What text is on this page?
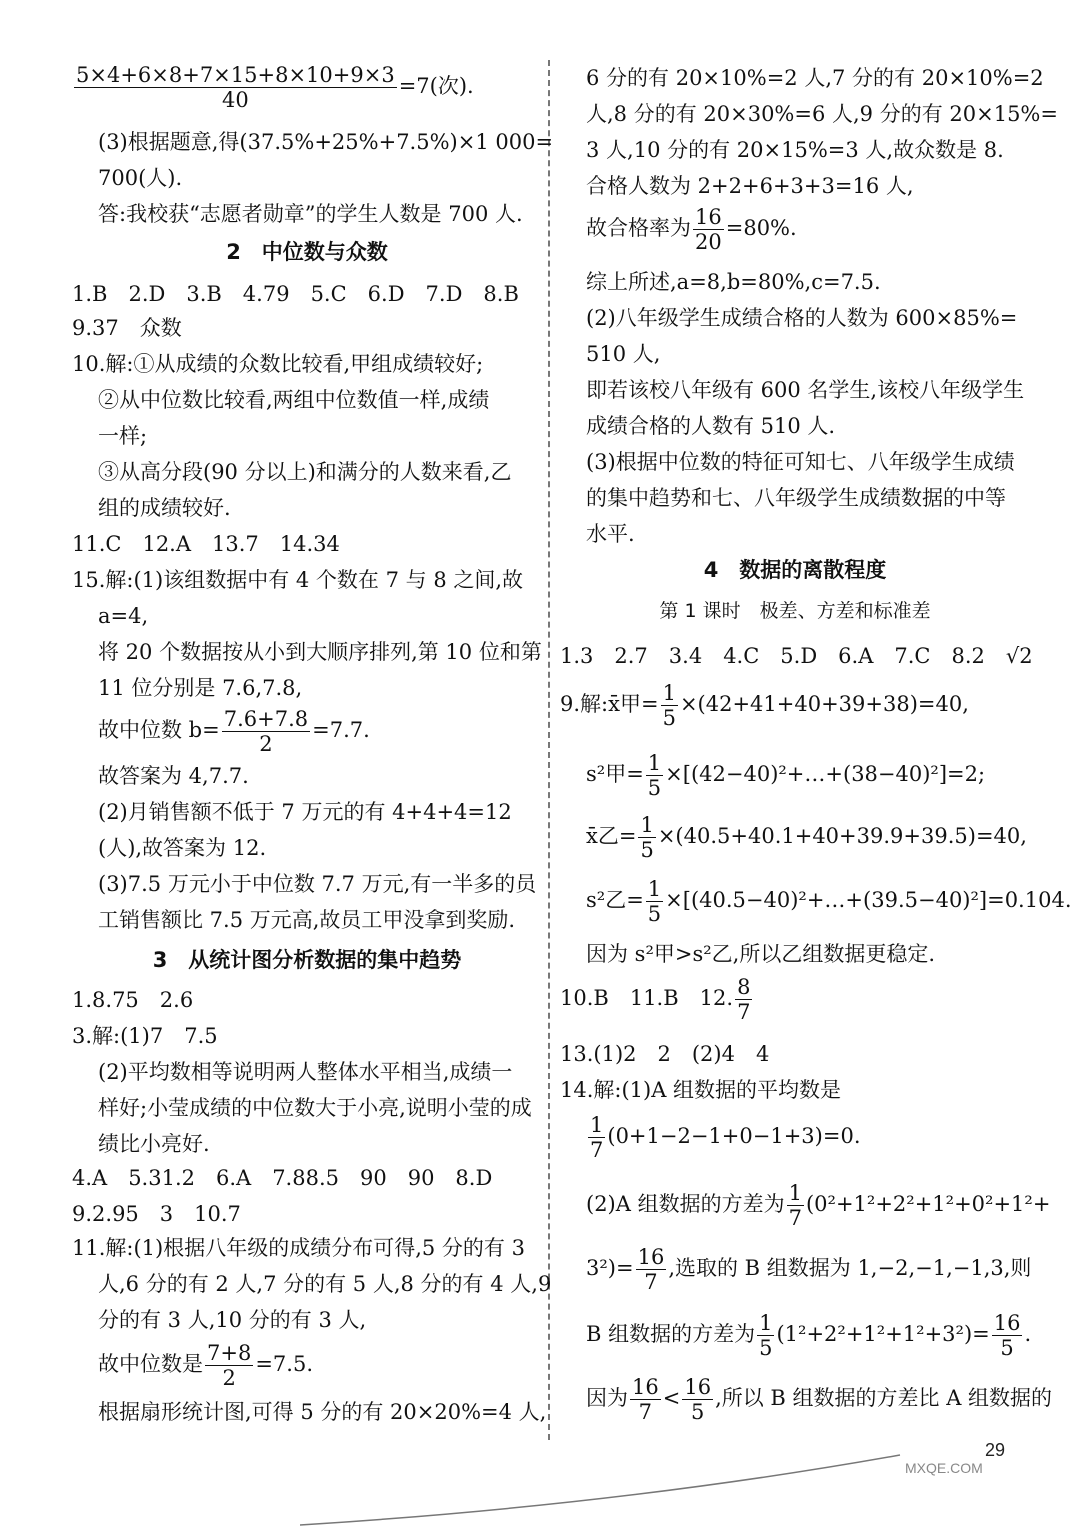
$\frac{5\times 4+6\times 8+7\times 15+8\times 10+9\times 3}{40} =7$(次).
(3)根据题意,得(37.5%+25%+7.5%)×1 000=
700(人).
答:我校获“志愿者勋章”的学生人数是 700 人.
2　中位数与众数
1.B　2.D　3.B　4.79　5.C　6.D　7.D　8.B
9.37　众数
10.解:①从成绩的众数比较看,甲组成绩较好;
②从中位数比较看,两组中位数值一样,成绩
一样;
③从高分段(90 分以上)和满分的人数来看,乙
组的成绩较好.
11.C　12.A　13.7　14.34
15.解:(1)该组数据中有 4 个数在 7 与 8 之间,故
a=4,
将 20 个数据按从小到大顺序排列,第 10 位和第
11 位分别是 7.6,7.8,
故中位数 $b= \frac{7.6+7.8}{2} =7.7$.
故答案为 4,7.7.
(2)月销售额不低于 7 万元的有 4+4+4=12
(人),故答案为 12.
(3)7.5 万元小于中位数 7.7 万元,有一半多的员
工销售额比 7.5 万元高,故员工甲没拿到奖励.
3　从统计图分析数据的集中趋势
1.8.75　2.6
3.解:(1)7　7.5
(2)平均数相等说明两人整体水平相当,成绩一
样好;小莹成绩的中位数大于小亮,说明小莹的成
绩比小亮好.
4.A　5.31.2　6.A　7.88.5　90　90　8.D
9.2.95　3　10.7
11.解:(1)根据八年级的成绩分布可得,5 分的有 3
人,6 分的有 2 人,7 分的有 5 人,8 分的有 4 人,9
分的有 3 人,10 分的有 3 人,
故中位数是 $\frac{7+8}{2} =7.5$.
根据扇形统计图,可得 5 分的有 20×20%=4 人,
6 分的有 20×10%=2 人,7 分的有 20×10%=2
人,8 分的有 20×30%=6 人,9 分的有 20×15%=
3 人,10 分的有 20×15%=3 人,故众数是 8.
合格人数为 2+2+6+3+3=16 人,
故合格率为 $\frac{16}{20} =80\%$.
综上所述,a=8,b=80%,c=7.5.
(2)八年级学生成绩合格的人数为 600×85%=
510 人,
即若该校八年级有 600 名学生,该校八年级学生
成绩合格的人数有 510 人.
(3)根据中位数的特征可知七、八年级学生成绩
的集中趋势和七、八年级学生成绩数据的中等
水平.
4　数据的离散程度
第 1 课时　极差、方差和标准差
1.3　2.7　3.4　4.C　5.D　6.A　7.C　8.2　√2
9.解:x̄甲= $\frac{1}{5} \times(42+41+40+39+38)=40$,
s²甲= $\frac{1}{5}$ ×[(42−40)²+…+(38−40)²]=2;
x̄乙= $\frac{1}{5} \times(40.5+40.1+40+39.9+39.5)=40$,
s²乙= $\frac{1}{5}$ ×[(40.5−40)²+…+(39.5−40)²]=0.104.
因为 s²甲>s²乙,所以乙组数据更稳定.
10.B　11.B　12. $\frac{8}{7}$
13.(1)2　2　(2)4　4
14.解:(1)A 组数据的平均数是
$\frac{1}{7} (0+1-2-1+0-1+3)=0$.
(2)A 组数据的方差为 $\frac{1}{7} (0^2+1^2+2^2+1^2+0^2+1^2+$
$3^2)= \frac{16}{7}$ ,选取的 B 组数据为 1,−2,−1,−1,3,则
B 组数据的方差为 $\frac{1}{5} (1^2+2^2+1^2+1^2+3^2)= \frac{16}{5}$ .
因为 $\frac{16}{7} < \frac{16}{5}$ ,所以 B 组数据的方差比 A 组数据的
29
MXQE.COM
